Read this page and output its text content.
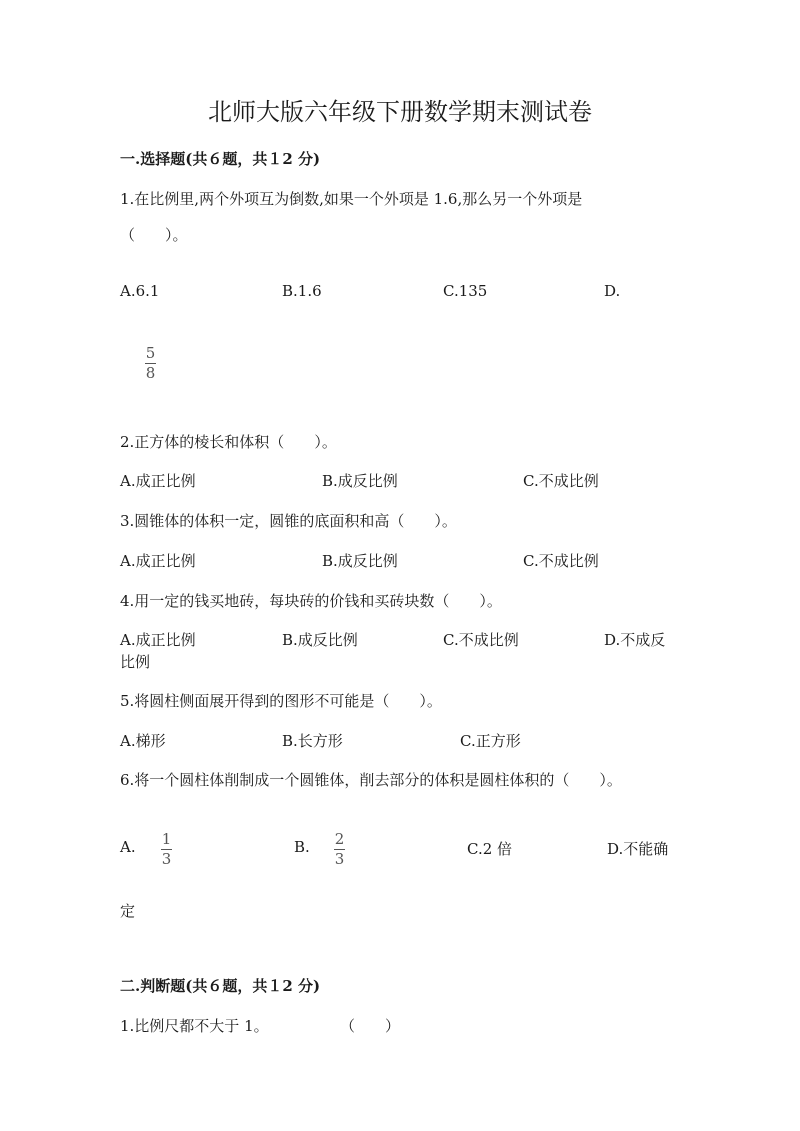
北师大版六年级下册数学期末测试卷
一.选择题(共６题，共１2 分)
1.在比例里,两个外项互为倒数,如果一个外项是 1.6,那么另一个外项是
（　　）。
A.6.1	B.1.6	C.135	D.
5
8
2.正方体的棱长和体积（　　）。
A.成正比例	B.成反比例	C.不成比例
3.圆锥体的体积一定，圆锥的底面积和高（　　）。
A.成正比例	B.成反比例	C.不成比例
4.用一定的钱买地砖，每块砖的价钱和买砖块数（　　）。
A.成正比例	B.成反比例	C.不成比例	D.不成反
比例
5.将圆柱侧面展开得到的图形不可能是（　　）。
A.梯形	B.长方形	C.正方形
6.将一个圆柱体削制成一个圆锥体，削去部分的体积是圆柱体积的（　　）。
A. 1
3
B. 2
3
C.2 倍	D.不能确
定
二.判断题(共６题，共１2 分)
1.比例尺都不大于 1。	（　　）
